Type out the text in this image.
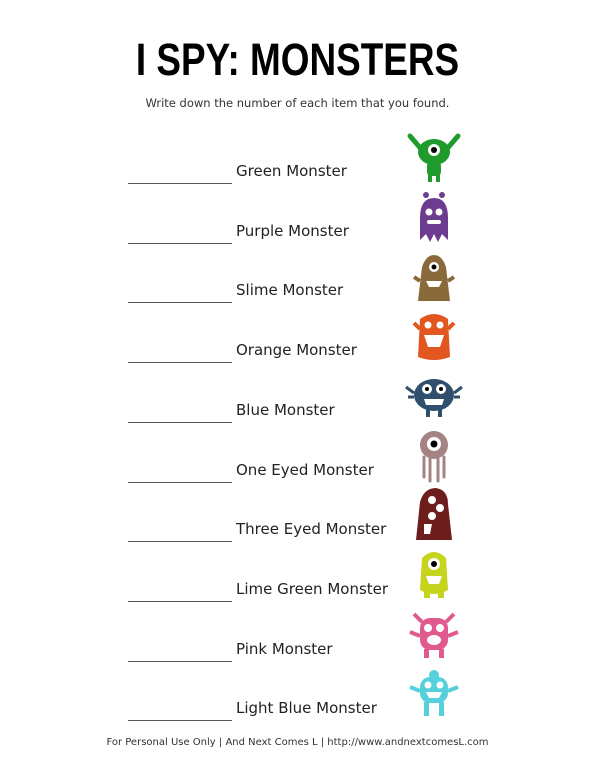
I SPY: MONSTERS
Write down the number of each item that you found.
Green Monster
Purple Monster
Slime Monster
Orange Monster
Blue Monster
One Eyed Monster
Three Eyed Monster
Lime Green Monster
Pink Monster
Light Blue Monster
For Personal Use Only | And Next Comes L | http://www.andnextcomesL.com
